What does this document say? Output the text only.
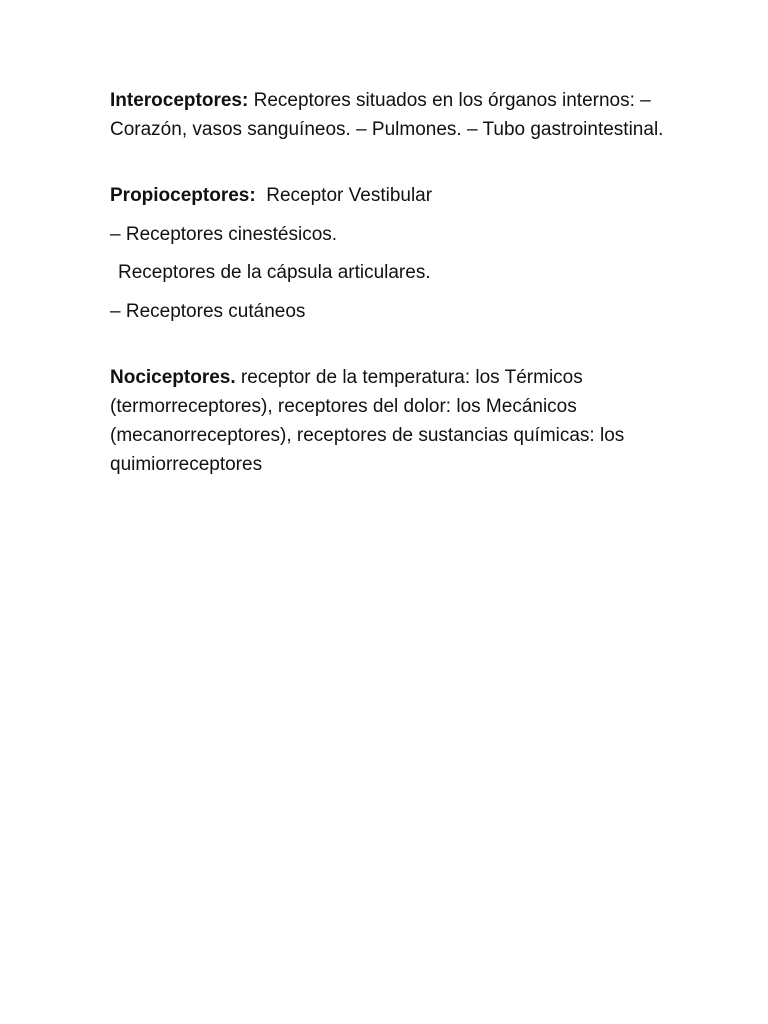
Interoceptores: Receptores situados en los órganos internos: – Corazón, vasos sanguíneos. – Pulmones. – Tubo gastrointestinal.

Propioceptores:  Receptor Vestibular

– Receptores cinestésicos.

Receptores de la cápsula articulares.

– Receptores cutáneos

Nociceptores. receptor de la temperatura: los Térmicos (termorreceptores), receptores del dolor: los Mecánicos (mecanorreceptores), receptores de sustancias químicas: los quimiorreceptores
